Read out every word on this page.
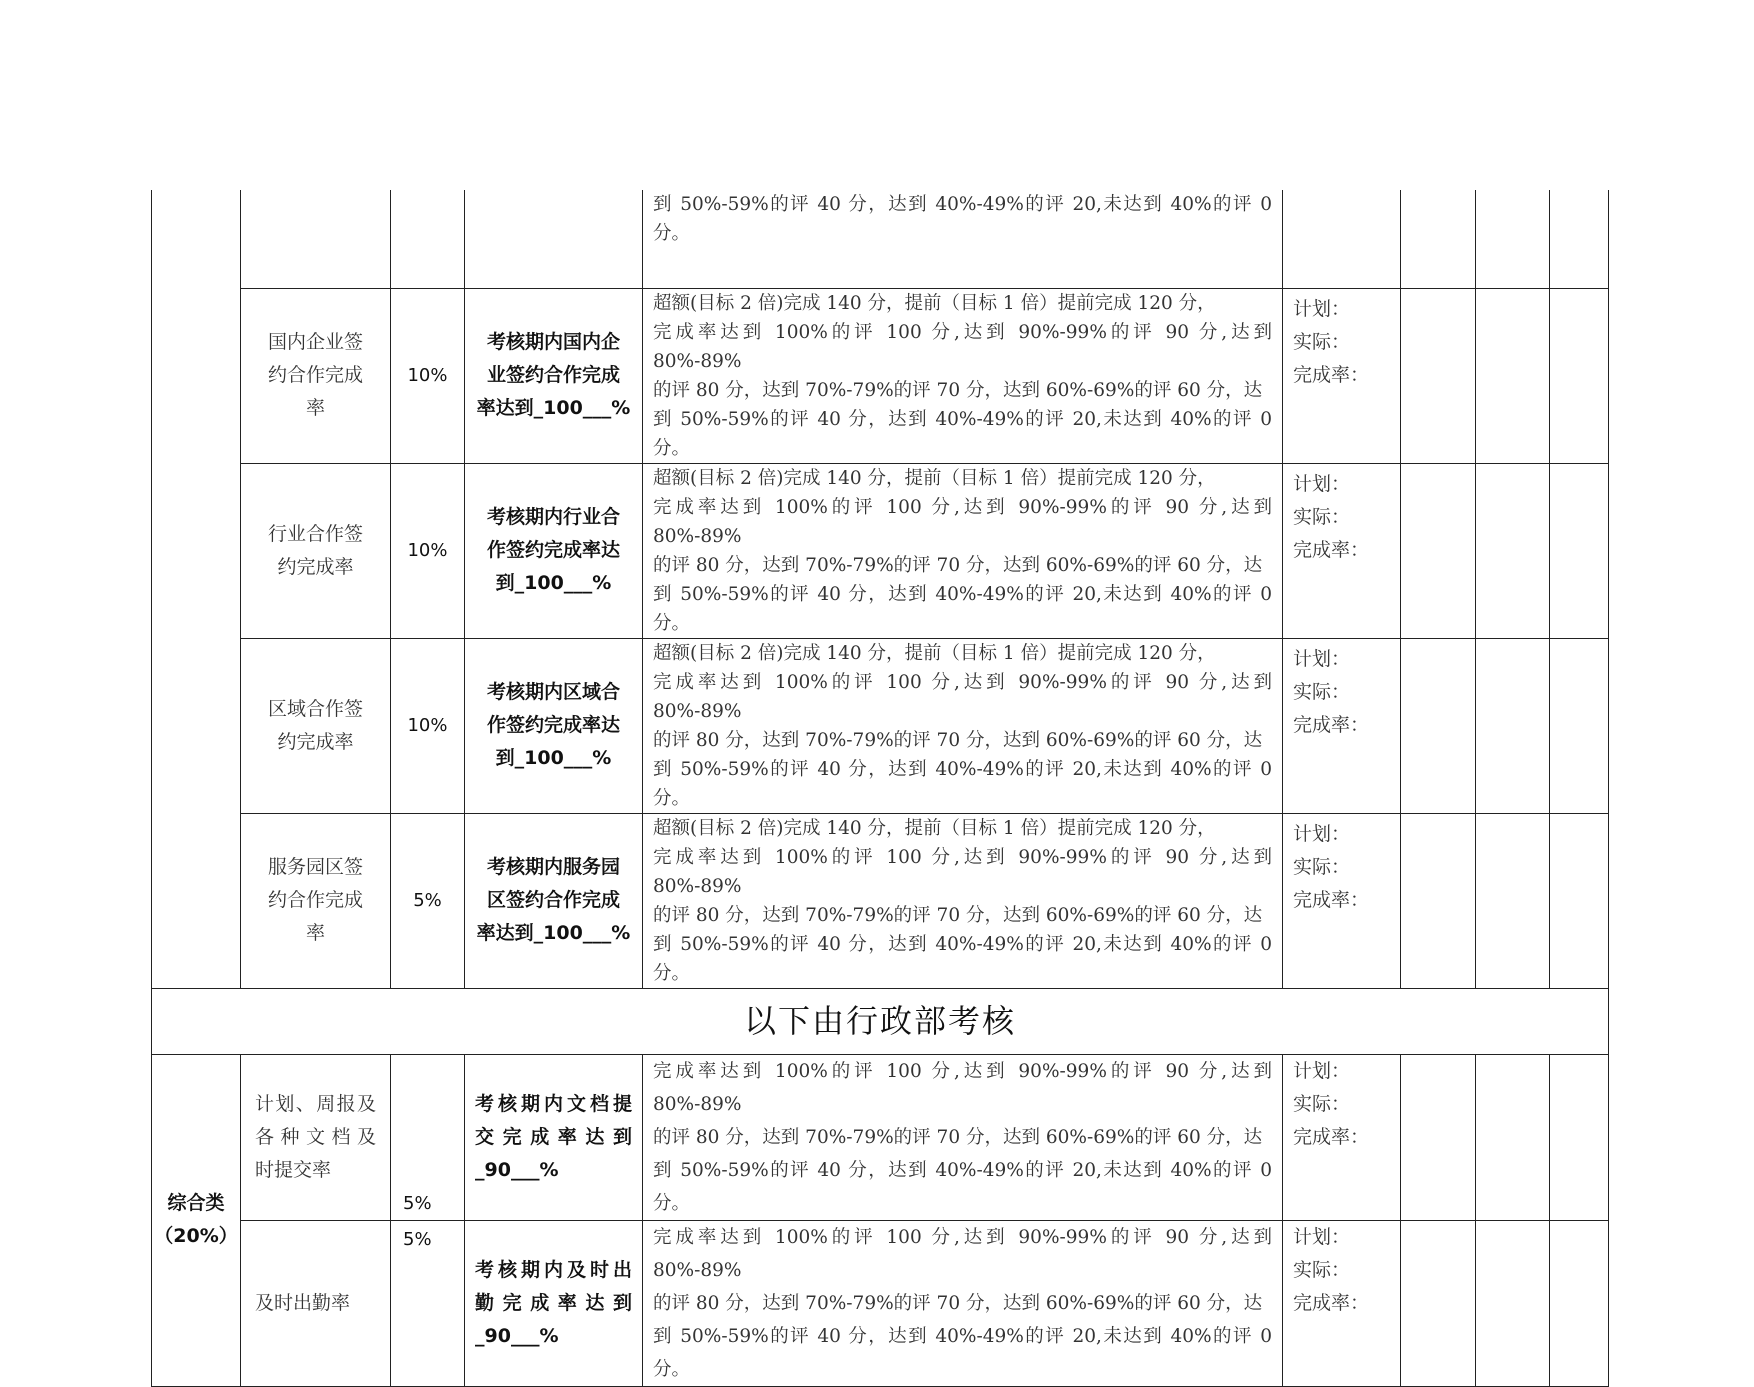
				到 50%-59%的评 40 分，达到 40%-49%的评 20,未达到 40%的评 0 分。				

	国内企业签
约合作完成
率	10%	考核期内国内企
业签约合作完成
率达到_100___%	超额(目标 2 倍)完成 140 分，提前（目标 1 倍）提前完成 120 分，
完成率达到 100%的评 100 分,达到 90%-99%的评 90 分,达到 80%-89%
的评 80 分，达到 70%-79%的评 70 分，达到 60%-69%的评 60 分，达
到 50%-59%的评 40 分，达到 40%-49%的评 20,未达到 40%的评 0 分。	计划：
实际：
完成率：			

	行业合作签
约完成率	10%	考核期内行业合
作签约完成率达
到_100___%	超额(目标 2 倍)完成 140 分，提前（目标 1 倍）提前完成 120 分，
完成率达到 100%的评 100 分,达到 90%-99%的评 90 分,达到 80%-89%
的评 80 分，达到 70%-79%的评 70 分，达到 60%-69%的评 60 分，达
到 50%-59%的评 40 分，达到 40%-49%的评 20,未达到 40%的评 0 分。	计划：
实际：
完成率：			

	区域合作签
约完成率	10%	考核期内区域合
作签约完成率达
到_100___%	超额(目标 2 倍)完成 140 分，提前（目标 1 倍）提前完成 120 分，
完成率达到 100%的评 100 分,达到 90%-99%的评 90 分,达到 80%-89%
的评 80 分，达到 70%-79%的评 70 分，达到 60%-69%的评 60 分，达
到 50%-59%的评 40 分，达到 40%-49%的评 20,未达到 40%的评 0 分。	计划：
实际：
完成率：			

	服务园区签
约合作完成
率	5%	考核期内服务园
区签约合作完成
率达到_100___%	超额(目标 2 倍)完成 140 分，提前（目标 1 倍）提前完成 120 分，
完成率达到 100%的评 100 分,达到 90%-99%的评 90 分,达到 80%-89%
的评 80 分，达到 70%-79%的评 70 分，达到 60%-69%的评 60 分，达
到 50%-59%的评 40 分，达到 40%-49%的评 20,未达到 40%的评 0 分。	计划：
实际：
完成率：			

以下由行政部考核								

综合类
（20%）	计划、周报及
各种文档及
时提交率	5%	考核期内文档提
交完成率达到
_90___%	完成率达到 100%的评 100 分,达到 90%-99%的评 90 分,达到 80%-89%
的评 80 分，达到 70%-79%的评 70 分，达到 60%-69%的评 60 分，达
到 50%-59%的评 40 分，达到 40%-49%的评 20,未达到 40%的评 0 分。	计划：
实际：
完成率：			

	及时出勤率	5%	考核期内及时出
勤完成率达到
_90___%	完成率达到 100%的评 100 分,达到 90%-99%的评 90 分,达到 80%-89%
的评 80 分，达到 70%-79%的评 70 分，达到 60%-69%的评 60 分，达
到 50%-59%的评 40 分，达到 40%-49%的评 20,未达到 40%的评 0 分。	计划：
实际：
完成率：			
